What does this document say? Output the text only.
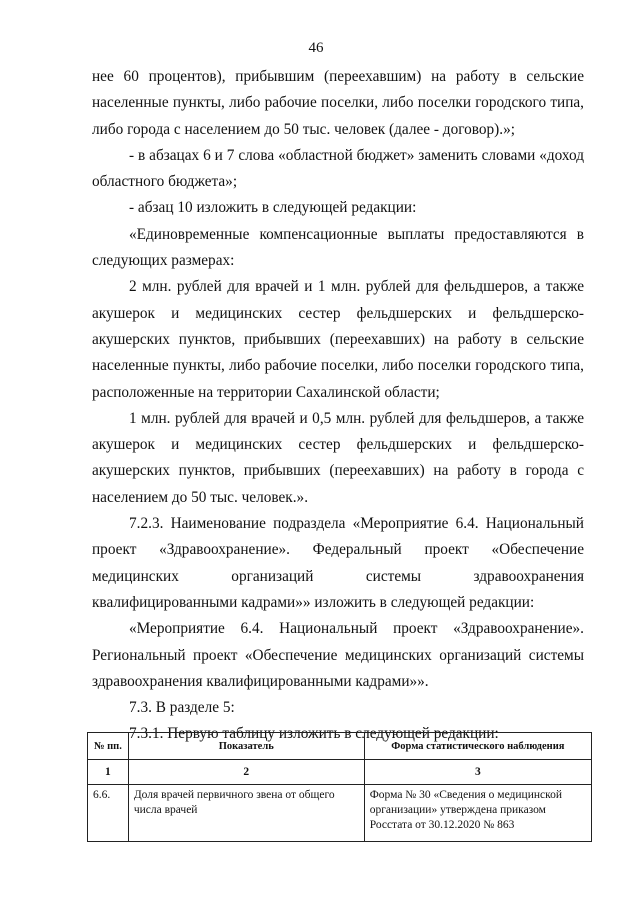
46

нее 60 процентов), прибывшим (переехавшим) на работу в сельские населенные пункты, либо рабочие поселки, либо поселки городского типа, либо города с населением до 50 тыс. человек (далее - договор).»;

- в абзацах 6 и 7 слова «областной бюджет» заменить словами «доход областного бюджета»;

- абзац 10 изложить в следующей редакции:

«Единовременные компенсационные выплаты предоставляются в следующих размерах:

2 млн. рублей для врачей и 1 млн. рублей для фельдшеров, а также акушерок и медицинских сестер фельдшерских и фельдшерско-акушерских пунктов, прибывших (переехавших) на работу в сельские населенные пункты, либо рабочие поселки, либо поселки городского типа, расположенные на территории Сахалинской области;

1 млн. рублей для врачей и 0,5 млн. рублей для фельдшеров, а также акушерок и медицинских сестер фельдшерских и фельдшерско-акушерских пунктов, прибывших (переехавших) на работу в города с населением до 50 тыс. человек.».

7.2.3. Наименование подраздела «Мероприятие 6.4. Национальный проект «Здравоохранение». Федеральный проект «Обеспечение медицинских организаций системы здравоохранения квалифицированными кадрами»» изложить в следующей редакции:

«Мероприятие 6.4. Национальный проект «Здравоохранение». Региональный проект «Обеспечение медицинских организаций системы здравоохранения квалифицированными кадрами»».

7.3. В разделе 5:

7.3.1. Первую таблицу изложить в следующей редакции:

№ пп.	Показатель	Форма статистического наблюдения
1	2	3
6.6.	Доля врачей первичного звена от общего числа врачей	Форма № 30 «Сведения о медицинской организации» утверждена приказом Росстата от 30.12.2020 № 863
